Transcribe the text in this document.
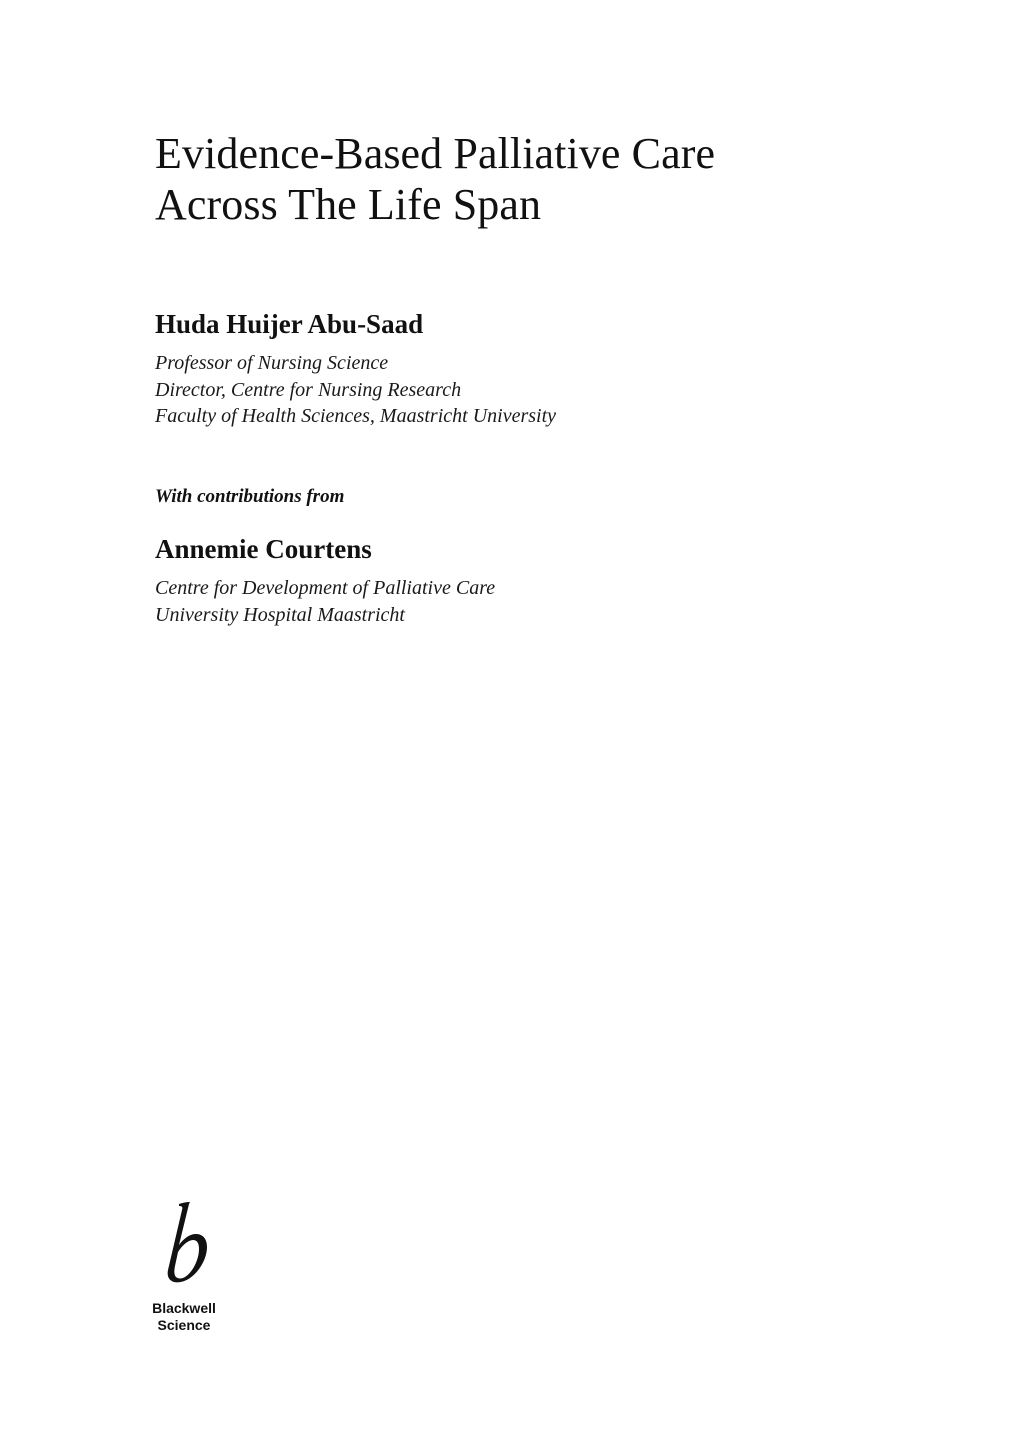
Evidence-Based Palliative Care
Across The Life Span

Huda Huijer Abu-Saad

Professor of Nursing Science
Director, Centre for Nursing Research
Faculty of Health Sciences, Maastricht University

With contributions from

Annemie Courtens

Centre for Development of Palliative Care
University Hospital Maastricht

Blackwell
Science
